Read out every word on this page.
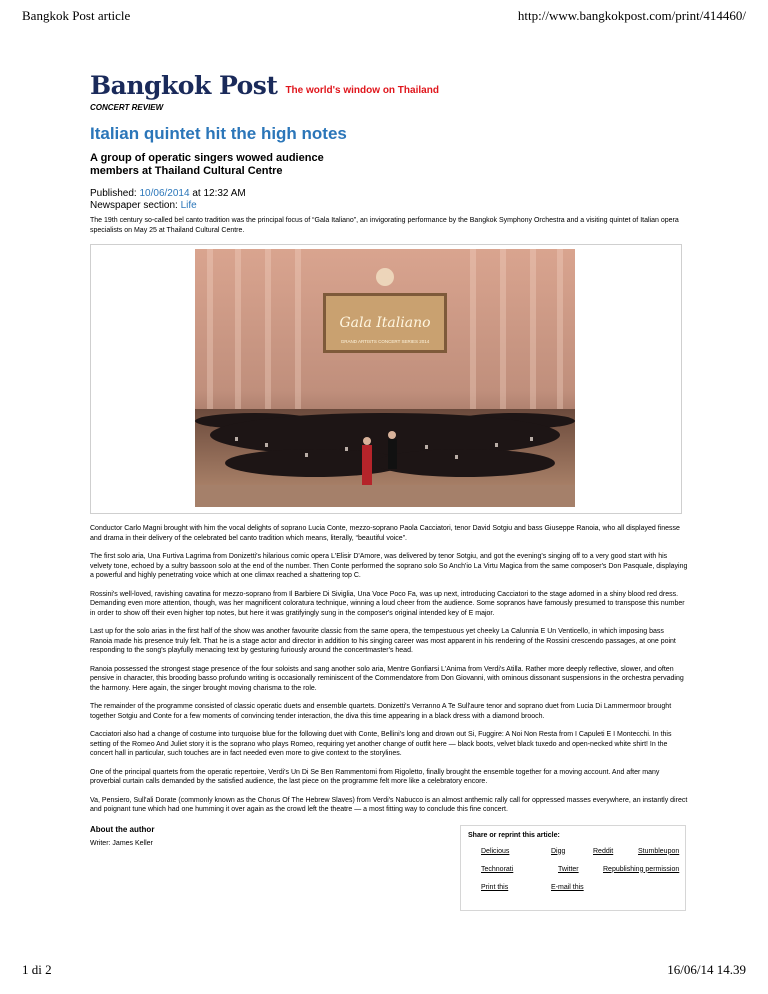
Bangkok Post article	http://www.bangkokpost.com/print/414460/
Bangkok Post The world's window on Thailand
CONCERT REVIEW
Italian quintet hit the high notes
A group of operatic singers wowed audience members at Thailand Cultural Centre
Published: 10/06/2014 at 12:32 AM
Newspaper section: Life

The 19th century so-called bel canto tradition was the principal focus of “Gala Italiano”, an invigorating performance by the Bangkok Symphony Orchestra and a visiting quintet of Italian opera specialists on May 25 at Thailand Cultural Centre.

Gala Italiano
GRAND ARTISTS CONCERT SERIES 2014

Conductor Carlo Magni brought with him the vocal delights of soprano Lucia Conte, mezzo-soprano Paola Cacciatori, tenor David Sotgiu and bass Giuseppe Ranoia, who all displayed finesse and drama in their delivery of the celebrated bel canto tradition which means, literally, “beautiful voice”.

The first solo aria, Una Furtiva Lagrima from Donizetti's hilarious comic opera L'Elisir D'Amore, was delivered by tenor Sotgiu, and got the evening's singing off to a very good start with his velvety tone, echoed by a sultry bassoon solo at the end of the number. Then Conte performed the soprano solo So Anch'io La Virtu Magica from the same composer's Don Pasquale, displaying a powerful and highly penetrating voice which at one climax reached a shattering top C.

Rossini's well-loved, ravishing cavatina for mezzo-soprano from Il Barbiere Di Siviglia, Una Voce Poco Fa, was up next, introducing Cacciatori to the stage adorned in a shiny blood red dress. Demanding even more attention, though, was her magnificent coloratura technique, winning a loud cheer from the audience. Some sopranos have famously presumed to transpose this number in order to show off their even higher top notes, but here it was gratifyingly sung in the composer's original intended key of E major.

Last up for the solo arias in the first half of the show was another favourite classic from the same opera, the tempestuous yet cheeky La Calunnia E Un Venticello, in which imposing bass Ranoia made his presence truly felt. That he is a stage actor and director in addition to his singing career was most apparent in his rendering of the Rossini crescendo passages, at one point responding to the song's playfully menacing text by gesturing furiously around the concertmaster's head.

Ranoia possessed the strongest stage presence of the four soloists and sang another solo aria, Mentre Gonfiarsi L'Anima from Verdi's Atilla. Rather more deeply reflective, slower, and often pensive in character, this brooding basso profundo writing is occasionally reminiscent of the Commendatore from Don Giovanni, with ominous dissonant suspensions in the orchestra pervading the harmony. Here again, the singer brought moving charisma to the role.

The remainder of the programme consisted of classic operatic duets and ensemble quartets. Donizetti's Verranno A Te Sull'aure tenor and soprano duet from Lucia Di Lammermoor brought together Sotgiu and Conte for a few moments of convincing tender interaction, the diva this time appearing in a black dress with a diamond brooch.

Cacciatori also had a change of costume into turquoise blue for the following duet with Conte, Bellini's long and drown out Si, Fuggire: A Noi Non Resta from I Capuleti E I Montecchi. In this setting of the Romeo And Juliet story it is the soprano who plays Romeo, requiring yet another change of outfit here — black boots, velvet black tuxedo and open-necked white shirt! In the concert hall in particular, such touches are in fact needed even more to give context to the storylines.

One of the principal quartets from the operatic repertoire, Verdi's Un Di Se Ben Rammentomi from Rigoletto, finally brought the ensemble together for a moving account. And after many proverbial curtain calls demanded by the satisfied audience, the last piece on the programme felt more like a celebratory encore.

Va, Pensiero, Sull'ali Dorate (commonly known as the Chorus Of The Hebrew Slaves) from Verdi's Nabucco is an almost anthemic rally call for oppressed masses everywhere, an instantly direct and poignant tune which had one humming it over again as the crowd left the theatre — a most fitting way to conclude this fine concert.

About the author
Writer: James Keller
Share or reprint this article:
Delicious	Digg	Reddit	Stumbleupon
Technorati	Twitter	Republishing permission
Print this	E-mail this
1 di 2	16/06/14 14.39
